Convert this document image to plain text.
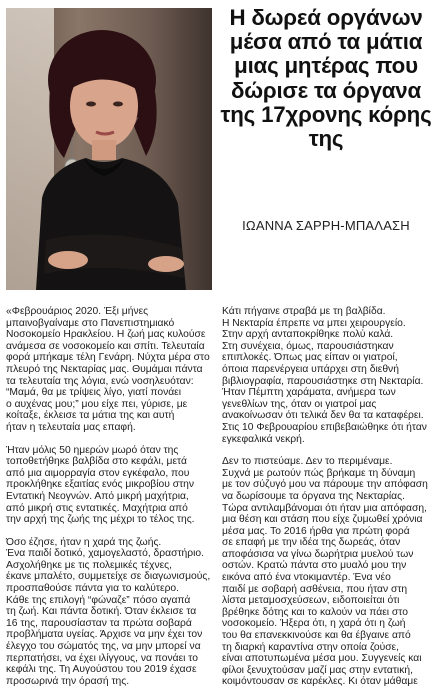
Η δωρεά οργάνων μέσα από τα μάτια μιας μητέρας που δώρισε τα όργανα της 17χρονης κόρης της
ΙΩΑΝΝΑ ΣΑΡΡΗ-ΜΠΑΛΑΣΗ

«Φεβρουάριος 2020. Έξι μήνες
μπαινοβγαίναμε στο Πανεπιστημιακό
Νοσοκομείο Ηρακλείου. Η ζωή μας κυλούσε
ανάμεσα σε νοσοκομείο και σπίτι. Τελευταία
φορά μπήκαμε τέλη Γενάρη. Νύχτα μέρα στο
πλευρό της Νεκταρίας μας. Θυμάμαι πάντα
τα τελευταία της λόγια, ενώ νοσηλευόταν:
“Μαμά, θα με τρίψεις λίγο, γιατί πονάει
ο αυχένας μου;” μου είχε πει, γύρισε, με
κοίταξε, έκλεισε τα μάτια της και αυτή
ήταν η τελευταία μας επαφή.

Ήταν μόλις 50 ημερών μωρό όταν της
τοποθετήθηκε βαλβίδα στο κεφάλι, μετά
από μια αιμορραγία στον εγκέφαλο, που
προκλήθηκε εξαιτίας ενός μικροβίου στην
Εντατική Νεογνών. Από μικρή μαχήτρια,
από μικρή στις εντατικές. Μαχήτρια από
την αρχή της ζωής της μέχρι το τέλος της.

Όσο έζησε, ήταν η χαρά της ζωής.
Ένα παιδί δοτικό, χαμογελαστό, δραστήριο.
Ασχολήθηκε με τις πολεμικές τέχνες,
έκανε μπαλέτο, συμμετείχε σε διαγωνισμούς,
προσπαθούσε πάντα για το καλύτερο.
Κάθε της επιλογή “φώναζε” πόσο αγαπά
τη ζωή. Και πάντα δοτική. Όταν έκλεισε τα
16 της, παρουσίασταν τα πρώτα σοβαρά
προβλήματα υγείας. Άρχισε να μην έχει τον
έλεγχο του σώματός της, να μην μπορεί να
περπατήσει, να έχει ιλίγγους, να πονάει το
κεφάλι της. Τη Αυγούστου του 2019 έχασε
προσωρινά την όρασή της.

Κάτι πήγαινε στραβά με τη βαλβίδα.
Η Νεκταρία έπρεπε να μπει χειρουργείο.
Στην αρχή ανταποκρίθηκε πολύ καλά.
Στη συνέχεια, όμως, παρουσιάστηκαν
επιπλοκές. Όπως μας είπαν οι γιατροί,
όποια παρενέργεια υπάρχει στη διεθνή
βιβλιογραφία, παρουσιάστηκε στη Νεκταρία.
Ήταν Πέμπτη χαράματα, ανήμερα των
γενεθλίων της, όταν οι γιατροί μας
ανακοίνωσαν ότι τελικά δεν θα τα καταφέρει.
Στις 10 Φεβρουαρίου επιβεβαιώθηκε ότι ήταν
εγκεφαλικά νεκρή.

Δεν το πιστεύαμε. Δεν το περιμέναμε.
Συχνά με ρωτούν πώς βρήκαμε τη δύναμη
με τον σύζυγό μου να πάρουμε την απόφαση
να δωρίσουμε τα όργανα της Νεκταρίας.
Τώρα αντιλαμβάνομαι ότι ήταν μια απόφαση,
μια θέση και στάση που είχε ζυμωθεί χρόνια
μέσα μας. Το 2016 ήρθα για πρώτη φορά
σε επαφή με την ιδέα της δωρεάς, όταν
αποφάσισα να γίνω δωρήτρια μυελού των
οστών. Κρατώ πάντα στο μυαλό μου την
εικόνα από ένα ντοκιμαντέρ. Ένα νέο
παιδί με σοβαρή ασθένεια, που ήταν στη
λίστα μεταμοσχεύσεων, ειδοποιείται ότι
βρέθηκε δότης και το καλούν να πάει στο
νοσοκομείο. Ήξερα ότι, η χαρά ότι η ζωή
του θα επανεκκινούσε και θα έβγαινε από
τη διαρκή καραντίνα στην οποία ζούσε,
είναι αποτυπωμένα μέσα μου. Συγγενείς και
φίλοι ξενυχτούσαν μαζί μας στην εντατική,
κοιμόντουσαν σε καρέκλες. Κι όταν μάθαμε
